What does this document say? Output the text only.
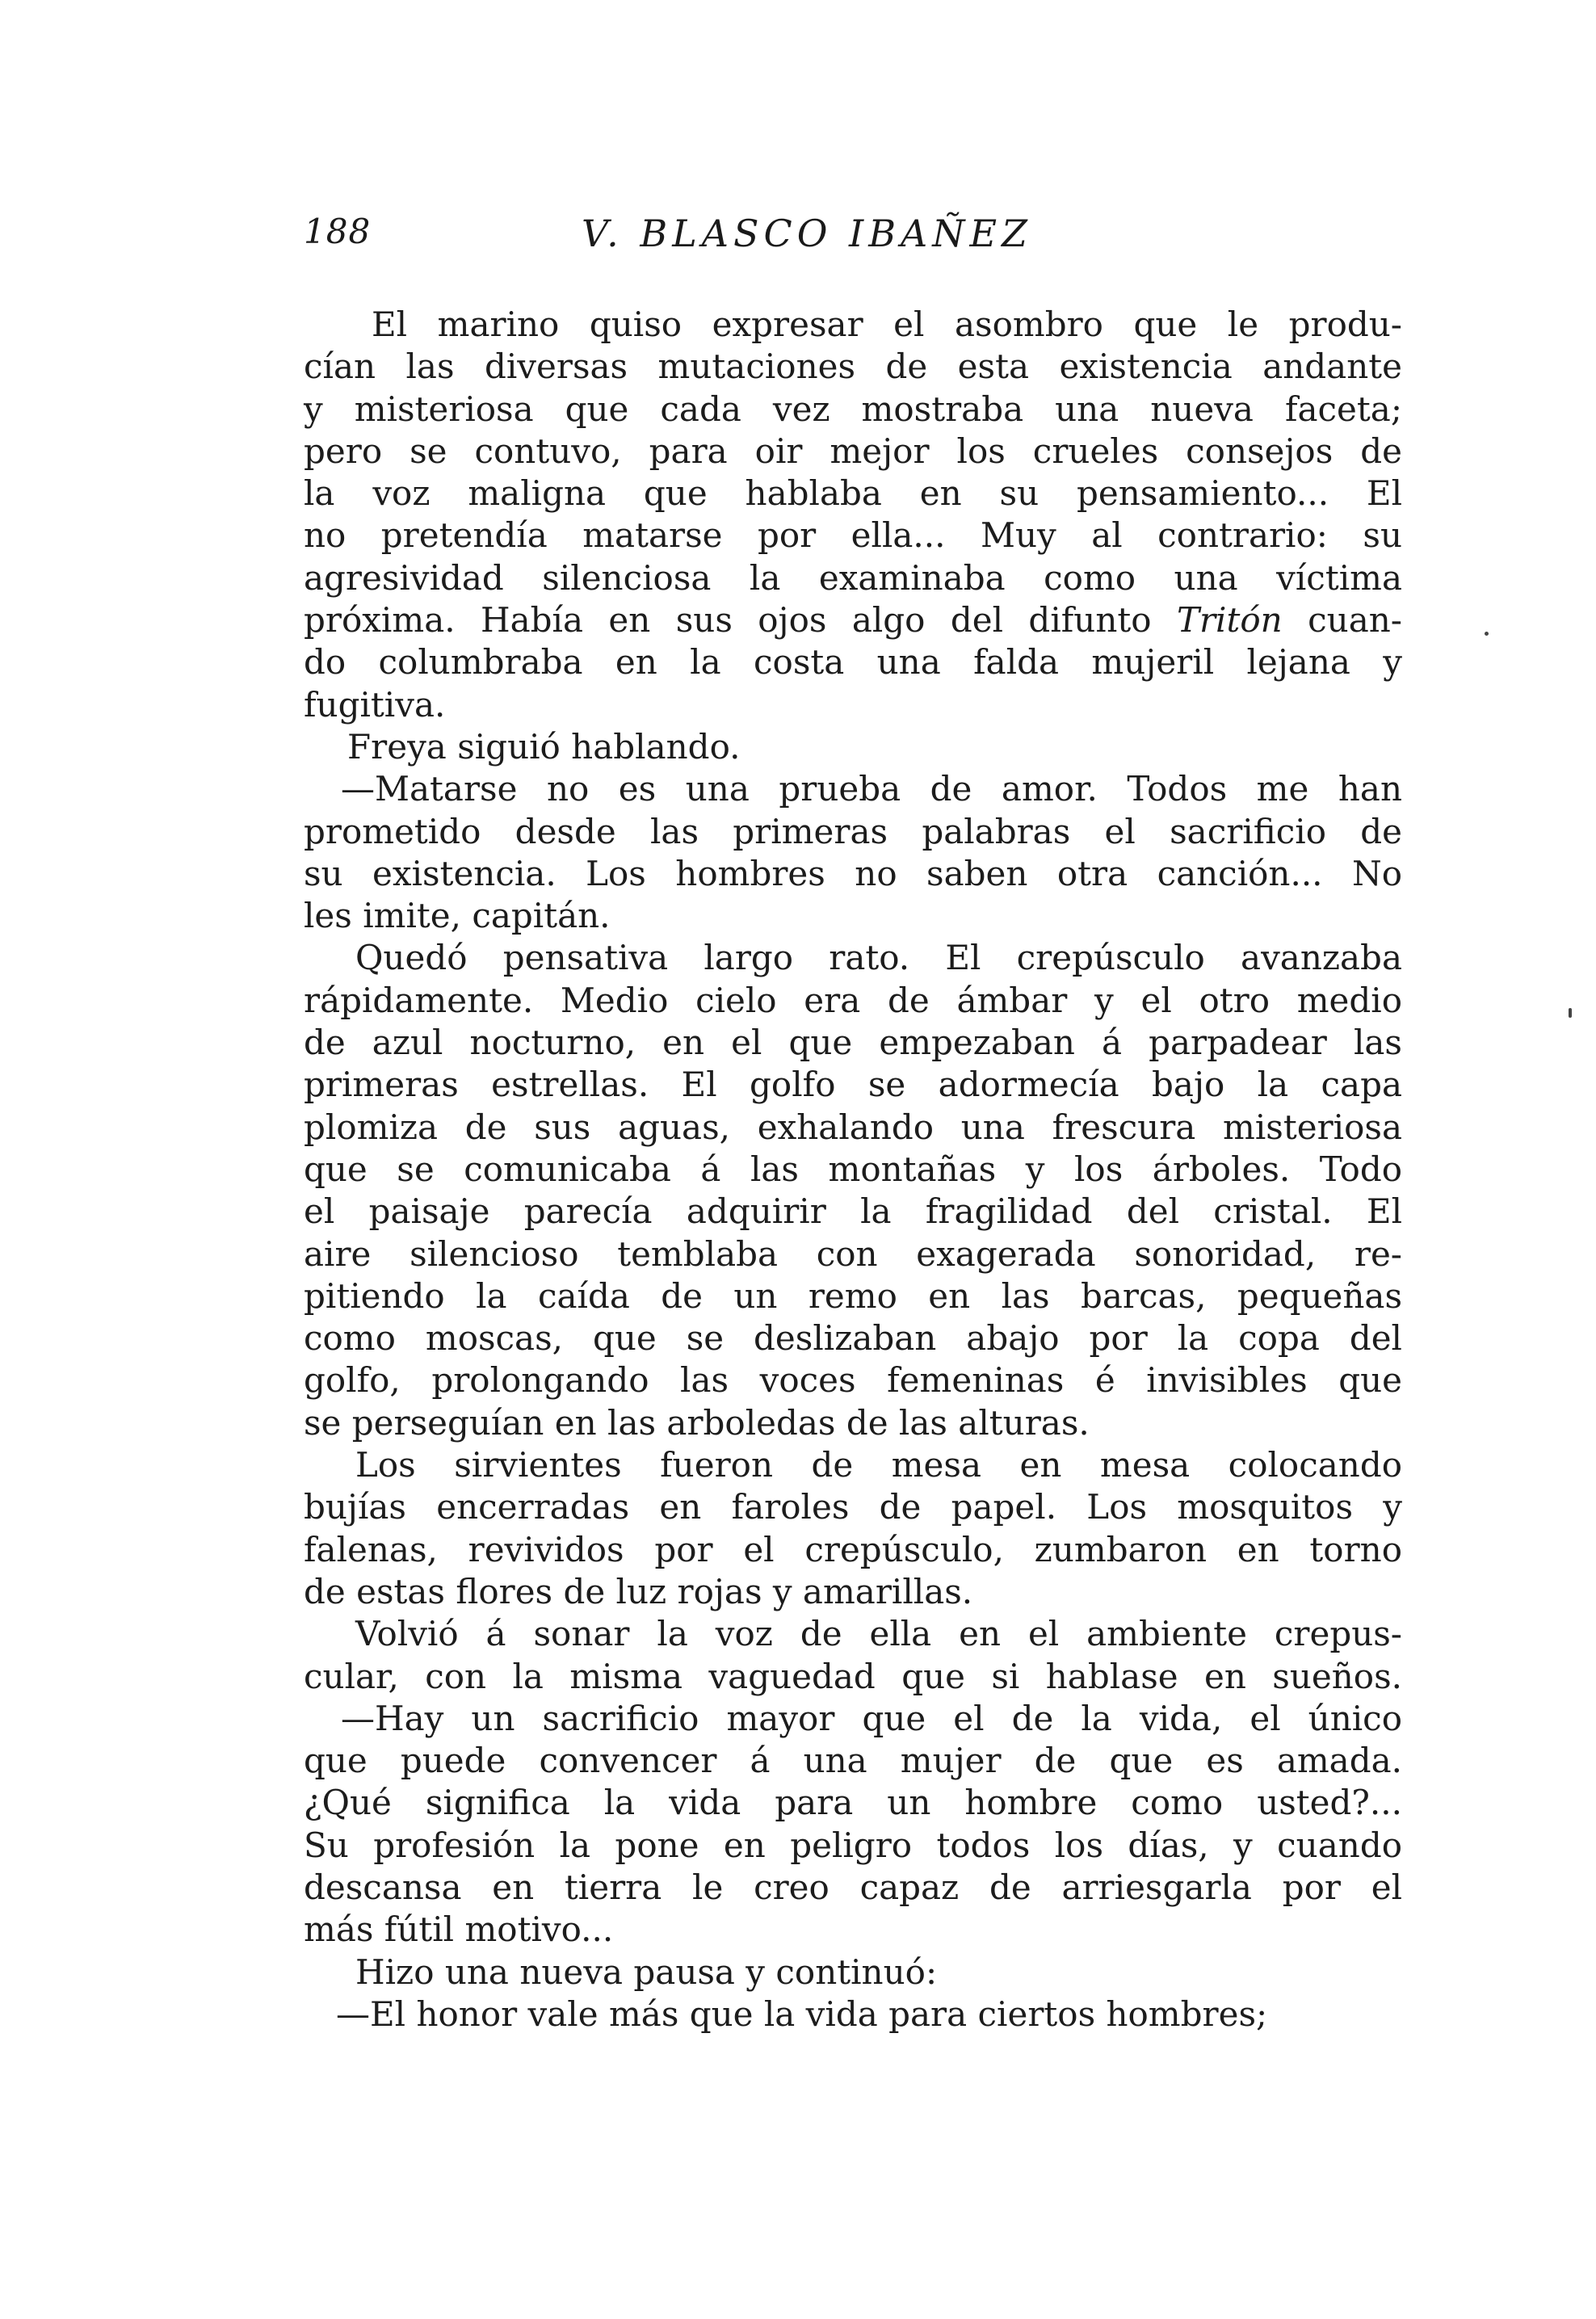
188	V. BLASCO IBAÑEZ
El marino quiso expresar el asombro que le produ-
cían las diversas mutaciones de esta existencia andante
y misteriosa que cada vez mostraba una nueva faceta;
pero se contuvo, para oir mejor los crueles consejos de
la voz maligna que hablaba en su pensamiento... El
no pretendía matarse por ella... Muy al contrario: su
agresividad silenciosa la examinaba como una víctima
próxima. Había en sus ojos algo del difunto Tritón cuan-
do columbraba en la costa una falda mujeril lejana y
fugitiva.
Freya siguió hablando.
—Matarse no es una prueba de amor. Todos me han
prometido desde las primeras palabras el sacrificio de
su existencia. Los hombres no saben otra canción... No
les imite, capitán.
Quedó pensativa largo rato. El crepúsculo avanzaba
rápidamente. Medio cielo era de ámbar y el otro medio
de azul nocturno, en el que empezaban á parpadear las
primeras estrellas. El golfo se adormecía bajo la capa
plomiza de sus aguas, exhalando una frescura misteriosa
que se comunicaba á las montañas y los árboles. Todo
el paisaje parecía adquirir la fragilidad del cristal. El
aire silencioso temblaba con exagerada sonoridad, re-
pitiendo la caída de un remo en las barcas, pequeñas
como moscas, que se deslizaban abajo por la copa del
golfo, prolongando las voces femeninas é invisibles que
se perseguían en las arboledas de las alturas.
Los sirvientes fueron de mesa en mesa colocando
bujías encerradas en faroles de papel. Los mosquitos y
falenas, revividos por el crepúsculo, zumbaron en torno
de estas flores de luz rojas y amarillas.
Volvió á sonar la voz de ella en el ambiente crepus-
cular, con la misma vaguedad que si hablase en sueños.
—Hay un sacrificio mayor que el de la vida, el único
que puede convencer á una mujer de que es amada.
¿Qué significa la vida para un hombre como usted?...
Su profesión la pone en peligro todos los días, y cuando
descansa en tierra le creo capaz de arriesgarla por el
más fútil motivo...
Hizo una nueva pausa y continuó:
—El honor vale más que la vida para ciertos hombres;
